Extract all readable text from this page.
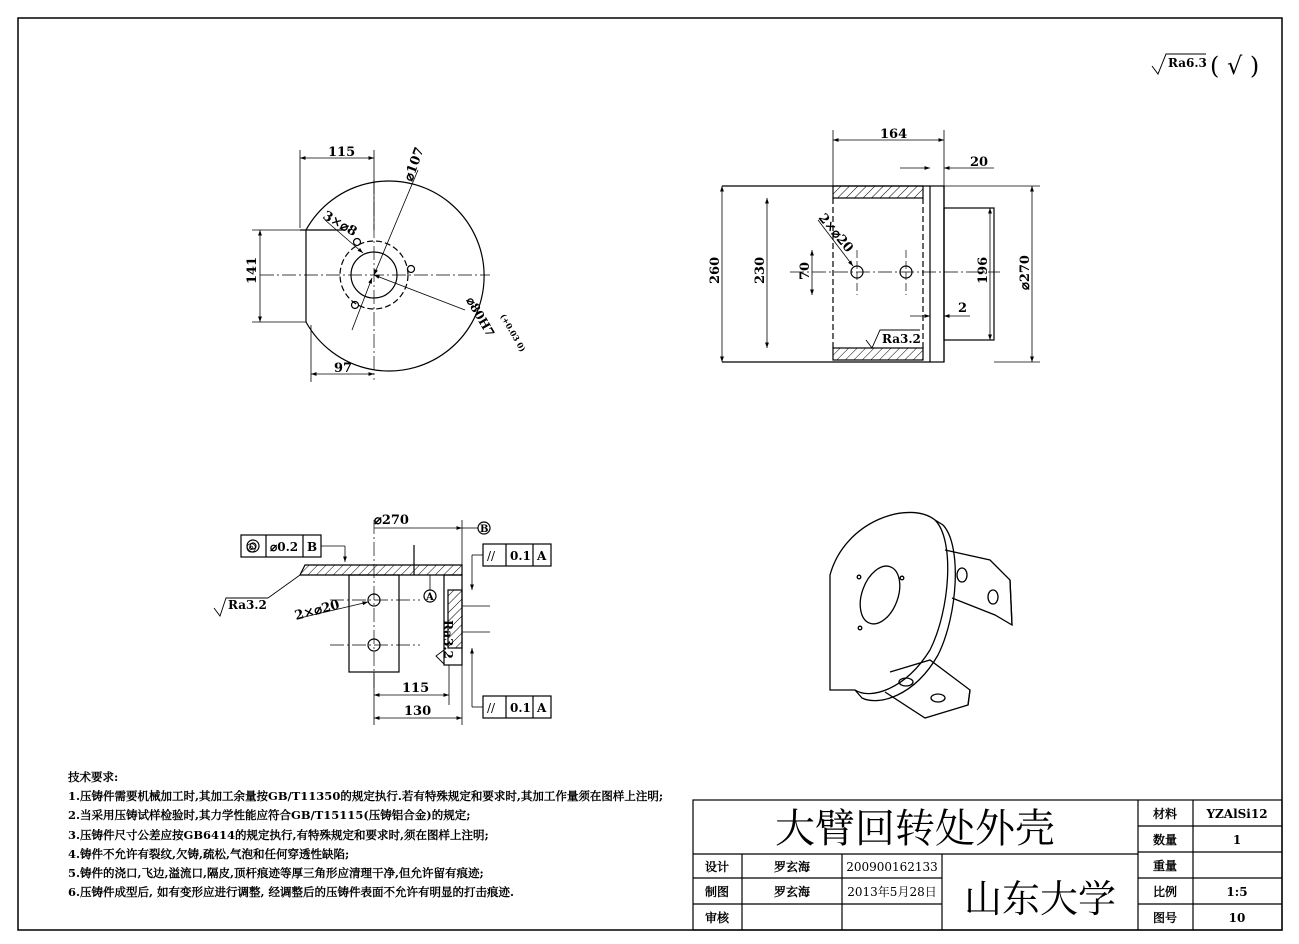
Ra6.3 ( √ )
115	⌀107
3×⌀8
141
⌀80H7 (+0.03 0)
97
164
20
2×⌀20
260 230 70	196 ⌀270
2
Ra3.2
◎ ⌀0.2 B
⌀270
B
A
Ra3.2 2×⌀20
Ra3.2
115
130
// 0.1 A
// 0.1 A
大臂回转处外壳
山东大学
设计	罗玄海	200900162133
制图	罗玄海	2013年5月28日
审核
材料 YZAlSi12
数量	1
重量
比例	1:5
图号	10
技术要求:
1.压铸件需要机械加工时,其加工余量按GB/T11350的规定执行.若有特殊规定和要求时,其加工作量须在图样上注明;
2.当采用压铸试样检验时,其力学性能应符合GB/T15115(压铸铝合金)的规定;
3.压铸件尺寸公差应按GB6414的规定执行,有特殊规定和要求时,须在图样上注明;
4.铸件不允许有裂纹,欠铸,疏松,气泡和任何穿透性缺陷;
5.铸件的浇口,飞边,溢流口,隔皮,顶杆痕迹等厚三角形应清理干净,但允许留有痕迹;
6.压铸件成型后, 如有变形应进行调整, 经调整后的压铸件表面不允许有明显的打击痕迹.
